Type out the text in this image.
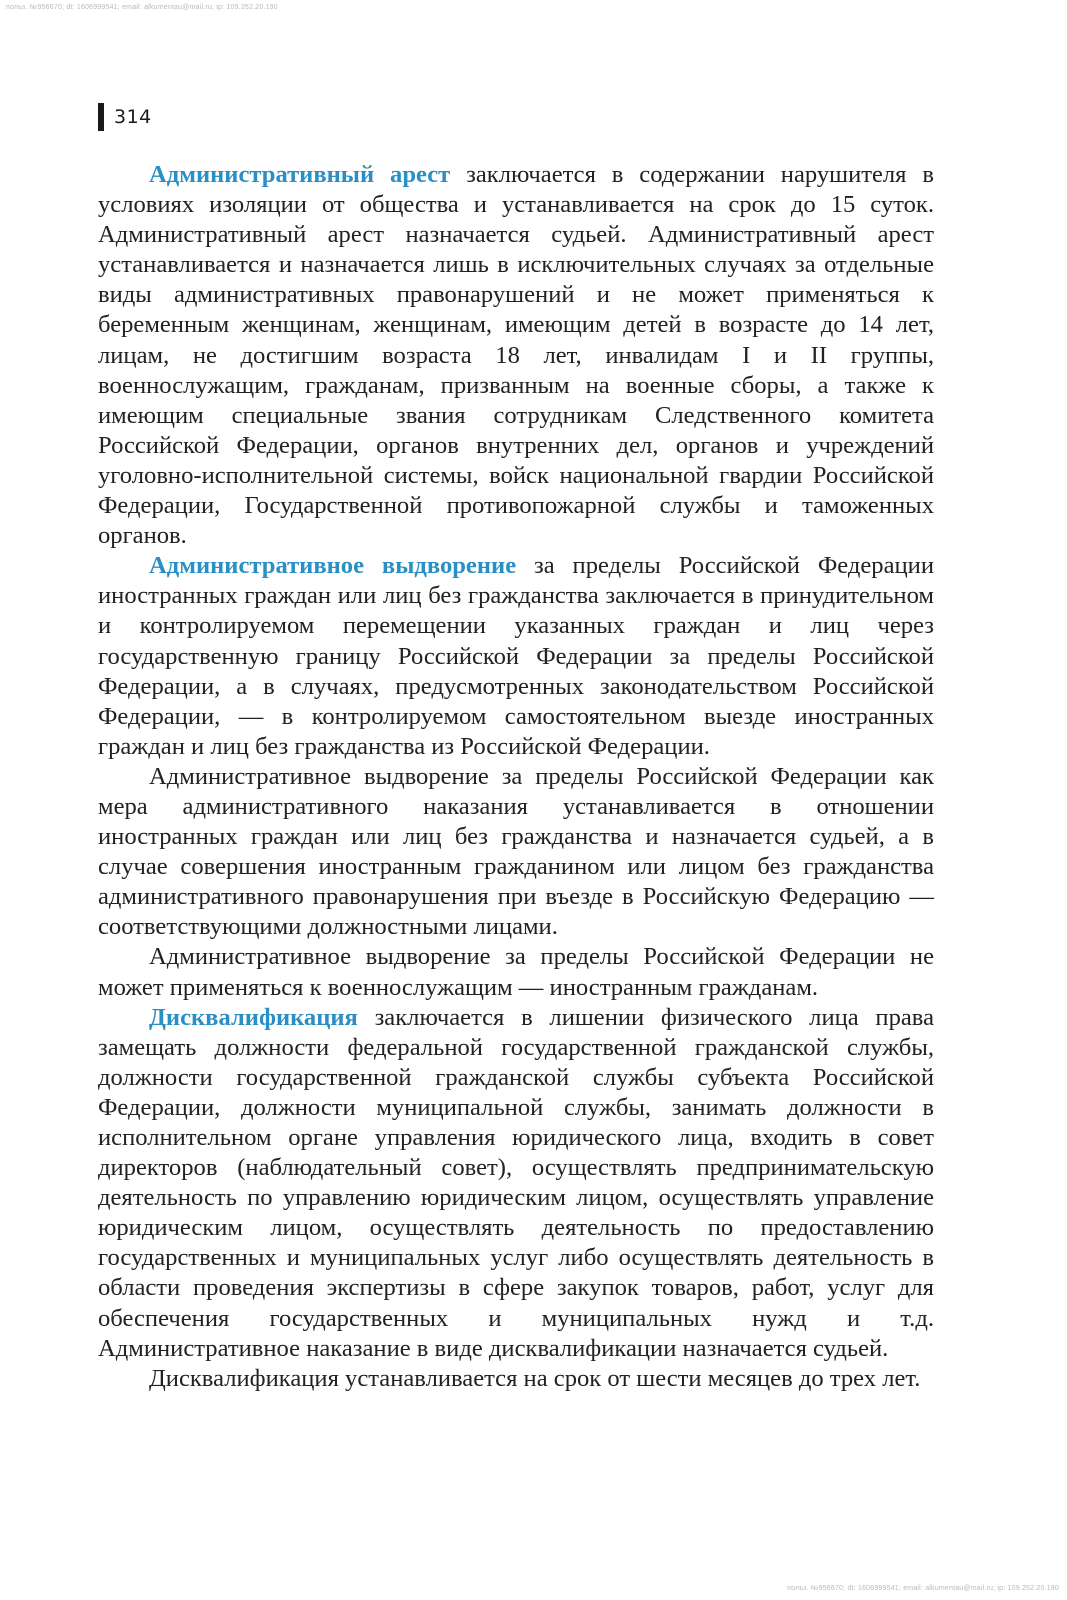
польз. №956670; dt: 1606999541; email: alkumentau@mail.ru; ip: 109.252.20.190
314

Административный арест заключается в содержании нарушителя в условиях изоляции от общества и устанавливается на срок до 15 суток. Административный арест назначается судьей. Административный арест устанавливается и назначается лишь в исключительных случаях за отдельные виды административных правонарушений и не может применяться к беременным женщинам, женщинам, имеющим детей в возрасте до 14 лет, лицам, не достигшим возраста 18 лет, инвалидам I и II группы, военнослужащим, гражданам, призванным на военные сборы, а также к имеющим специальные звания сотрудникам Следственного комитета Российской Федерации, органов внутренних дел, органов и учреждений уголовно-исполнительной системы, войск национальной гвардии Российской Федерации, Государственной противопожарной службы и таможенных органов.

Административное выдворение за пределы Российской Федерации иностранных граждан или лиц без гражданства заключается в принудительном и контролируемом перемещении указанных граждан и лиц через государственную границу Российской Федерации за пределы Российской Федерации, а в случаях, предусмотренных законодательством Российской Федерации, — в контролируемом самостоятельном выезде иностранных граждан и лиц без гражданства из Российской Федерации.

Административное выдворение за пределы Российской Федерации как мера административного наказания устанавливается в отношении иностранных граждан или лиц без гражданства и назначается судьей, а в случае совершения иностранным гражданином или лицом без гражданства административного правонарушения при въезде в Российскую Федерацию — соответствующими должностными лицами.

Административное выдворение за пределы Российской Федерации не может применяться к военнослужащим — иностранным гражданам.

Дисквалификация заключается в лишении физического лица права замещать должности федеральной государственной гражданской службы, должности государственной гражданской службы субъекта Российской Федерации, должности муниципальной службы, занимать должности в исполнительном органе управления юридического лица, входить в совет директоров (наблюдательный совет), осуществлять предпринимательскую деятельность по управлению юридическим лицом, осуществлять управление юридическим лицом, осуществлять деятельность по предоставлению государственных и муниципальных услуг либо осуществлять деятельность в области проведения экспертизы в сфере закупок товаров, работ, услуг для обеспечения государственных и муниципальных нужд и т.д. Административное наказание в виде дисквалификации назначается судьей.

Дисквалификация устанавливается на срок от шести месяцев до трех лет.

польз. №956670; dt: 1606999541; email: alkumentau@mail.ru; ip: 109.252.20.190
